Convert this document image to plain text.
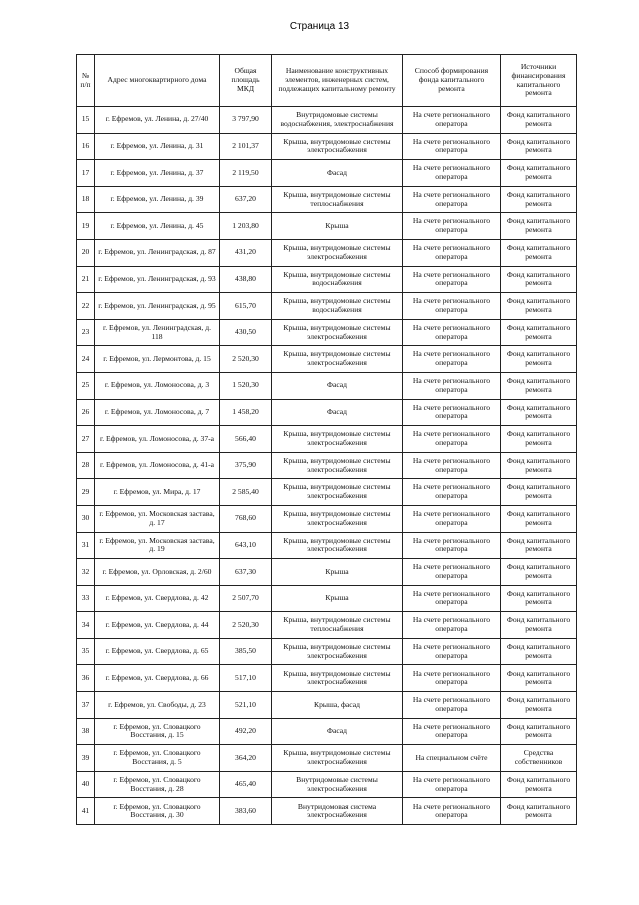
Страница 13
№ п/п	Адрес многоквартирного дома	Общая площадь МКД	Наименование конструктивных элементов, инженерных систем, подлежащих капитальному ремонту	Способ формирования фонда капитального ремонта	Источники финансирования капитального ремонта
15	г. Ефремов, ул. Ленина, д. 27/40	3 797,90	Внутридомовые системы водоснабжения, электроснабжения	На счете регионального оператора	Фонд капитального ремонта
16	г. Ефремов, ул. Ленина, д. 31	2 101,37	Крыша, внутридомовые системы электроснабжения	На счете регионального оператора	Фонд капитального ремонта
17	г. Ефремов, ул. Ленина, д. 37	2 119,50	Фасад	На счете регионального оператора	Фонд капитального ремонта
18	г. Ефремов, ул. Ленина, д. 39	637,20	Крыша, внутридомовые системы теплоснабжения	На счете регионального оператора	Фонд капитального ремонта
19	г. Ефремов, ул. Ленина, д. 45	1 203,80	Крыша	На счете регионального оператора	Фонд капитального ремонта
20	г. Ефремов, ул. Ленинградская, д. 87	431,20	Крыша, внутридомовые системы электроснабжения	На счете регионального оператора	Фонд капитального ремонта
21	г. Ефремов, ул. Ленинградская, д. 93	438,80	Крыша, внутридомовые системы водоснабжения	На счете регионального оператора	Фонд капитального ремонта
22	г. Ефремов, ул. Ленинградская, д. 95	615,70	Крыша, внутридомовые системы водоснабжения	На счете регионального оператора	Фонд капитального ремонта
23	г. Ефремов, ул. Ленинградская, д. 118	430,50	Крыша, внутридомовые системы электроснабжения	На счете регионального оператора	Фонд капитального ремонта
24	г. Ефремов, ул. Лермонтова, д. 15	2 520,30	Крыша, внутридомовые системы электроснабжения	На счете регионального оператора	Фонд капитального ремонта
25	г. Ефремов, ул. Ломоносова, д. 3	1 520,30	Фасад	На счете регионального оператора	Фонд капитального ремонта
26	г. Ефремов, ул. Ломоносова, д. 7	1 458,20	Фасад	На счете регионального оператора	Фонд капитального ремонта
27	г. Ефремов, ул. Ломоносова, д. 37-а	566,40	Крыша, внутридомовые системы электроснабжения	На счете регионального оператора	Фонд капитального ремонта
28	г. Ефремов, ул. Ломоносова, д. 41-а	375,90	Крыша, внутридомовые системы электроснабжения	На счете регионального оператора	Фонд капитального ремонта
29	г. Ефремов, ул. Мира, д. 17	2 585,40	Крыша, внутридомовые системы электроснабжения	На счете регионального оператора	Фонд капитального ремонта
30	г. Ефремов, ул. Московская застава, д. 17	768,60	Крыша, внутридомовые системы электроснабжения	На счете регионального оператора	Фонд капитального ремонта
31	г. Ефремов, ул. Московская застава, д. 19	643,10	Крыша, внутридомовые системы электроснабжения	На счете регионального оператора	Фонд капитального ремонта
32	г. Ефремов, ул. Орловская, д. 2/60	637,30	Крыша	На счете регионального оператора	Фонд капитального ремонта
33	г. Ефремов, ул. Свердлова, д. 42	2 507,70	Крыша	На счете регионального оператора	Фонд капитального ремонта
34	г. Ефремов, ул. Свердлова, д. 44	2 520,30	Крыша, внутридомовые системы теплоснабжения	На счете регионального оператора	Фонд капитального ремонта
35	г. Ефремов, ул. Свердлова, д. 65	385,50	Крыша, внутридомовые системы электроснабжения	На счете регионального оператора	Фонд капитального ремонта
36	г. Ефремов, ул. Свердлова, д. 66	517,10	Крыша, внутридомовые системы электроснабжения	На счете регионального оператора	Фонд капитального ремонта
37	г. Ефремов, ул. Свободы, д. 23	521,10	Крыша, фасад	На счете регионального оператора	Фонд капитального ремонта
38	г. Ефремов, ул. Словацкого Восстания, д. 15	492,20	Фасад	На счете регионального оператора	Фонд капитального ремонта
39	г. Ефремов, ул. Словацкого Восстания, д. 5	364,20	Крыша, внутридомовые системы электроснабжения	На специальном счёте	Средства собственников
40	г. Ефремов, ул. Словацкого Восстания, д. 28	465,40	Внутридомовые системы электроснабжения	На счете регионального оператора	Фонд капитального ремонта
41	г. Ефремов, ул. Словацкого Восстания, д. 30	383,60	Внутридомовая система электроснабжения	На счете регионального оператора	Фонд капитального ремонта
